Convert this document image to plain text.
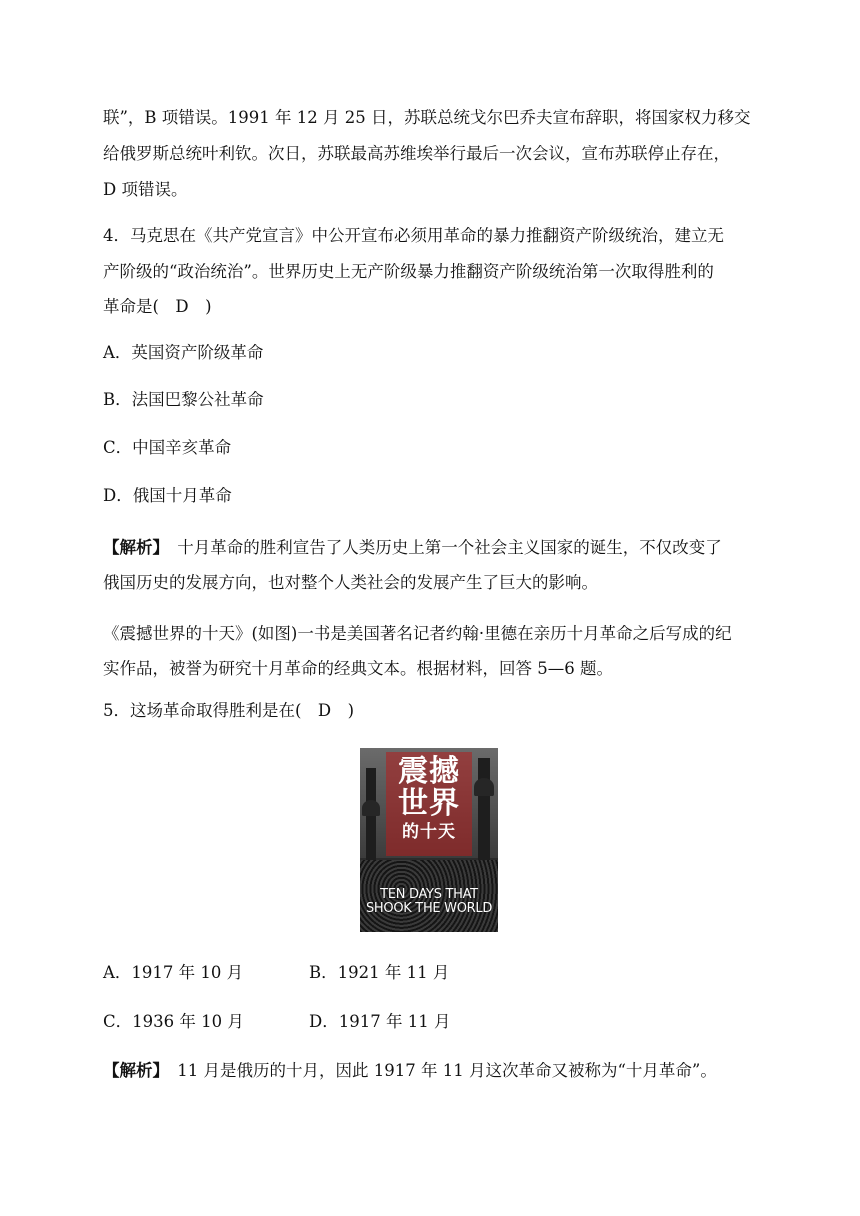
联”，B 项错误。1991 年 12 月 25 日，苏联总统戈尔巴乔夫宣布辞职，将国家权力移交

给俄罗斯总统叶利钦。次日，苏联最高苏维埃举行最后一次会议，宣布苏联停止存在，

D 项错误。

4．马克思在《共产党宣言》中公开宣布必须用革命的暴力推翻资产阶级统治，建立无

产阶级的“政治统治”。世界历史上无产阶级暴力推翻资产阶级统治第一次取得胜利的

革命是(　D　)

A．英国资产阶级革命

B．法国巴黎公社革命

C．中国辛亥革命

D．俄国十月革命

【解析】　十月革命的胜利宣告了人类历史上第一个社会主义国家的诞生，不仅改变了

俄国历史的发展方向，也对整个人类社会的发展产生了巨大的影响。

《震撼世界的十天》(如图)一书是美国著名记者约翰·里德在亲历十月革命之后写成的纪

实作品，被誉为研究十月革命的经典文本。根据材料，回答 5—6 题。

5．这场革命取得胜利是在(　D　)

震撼
世界
的十天
TEN DAYS THAT
SHOOK THE WORLD

A．1917 年 10 月	B．1921 年 11 月

C．1936 年 10 月	D．1917 年 11 月

【解析】　11 月是俄历的十月，因此 1917 年 11 月这次革命又被称为“十月革命”。
